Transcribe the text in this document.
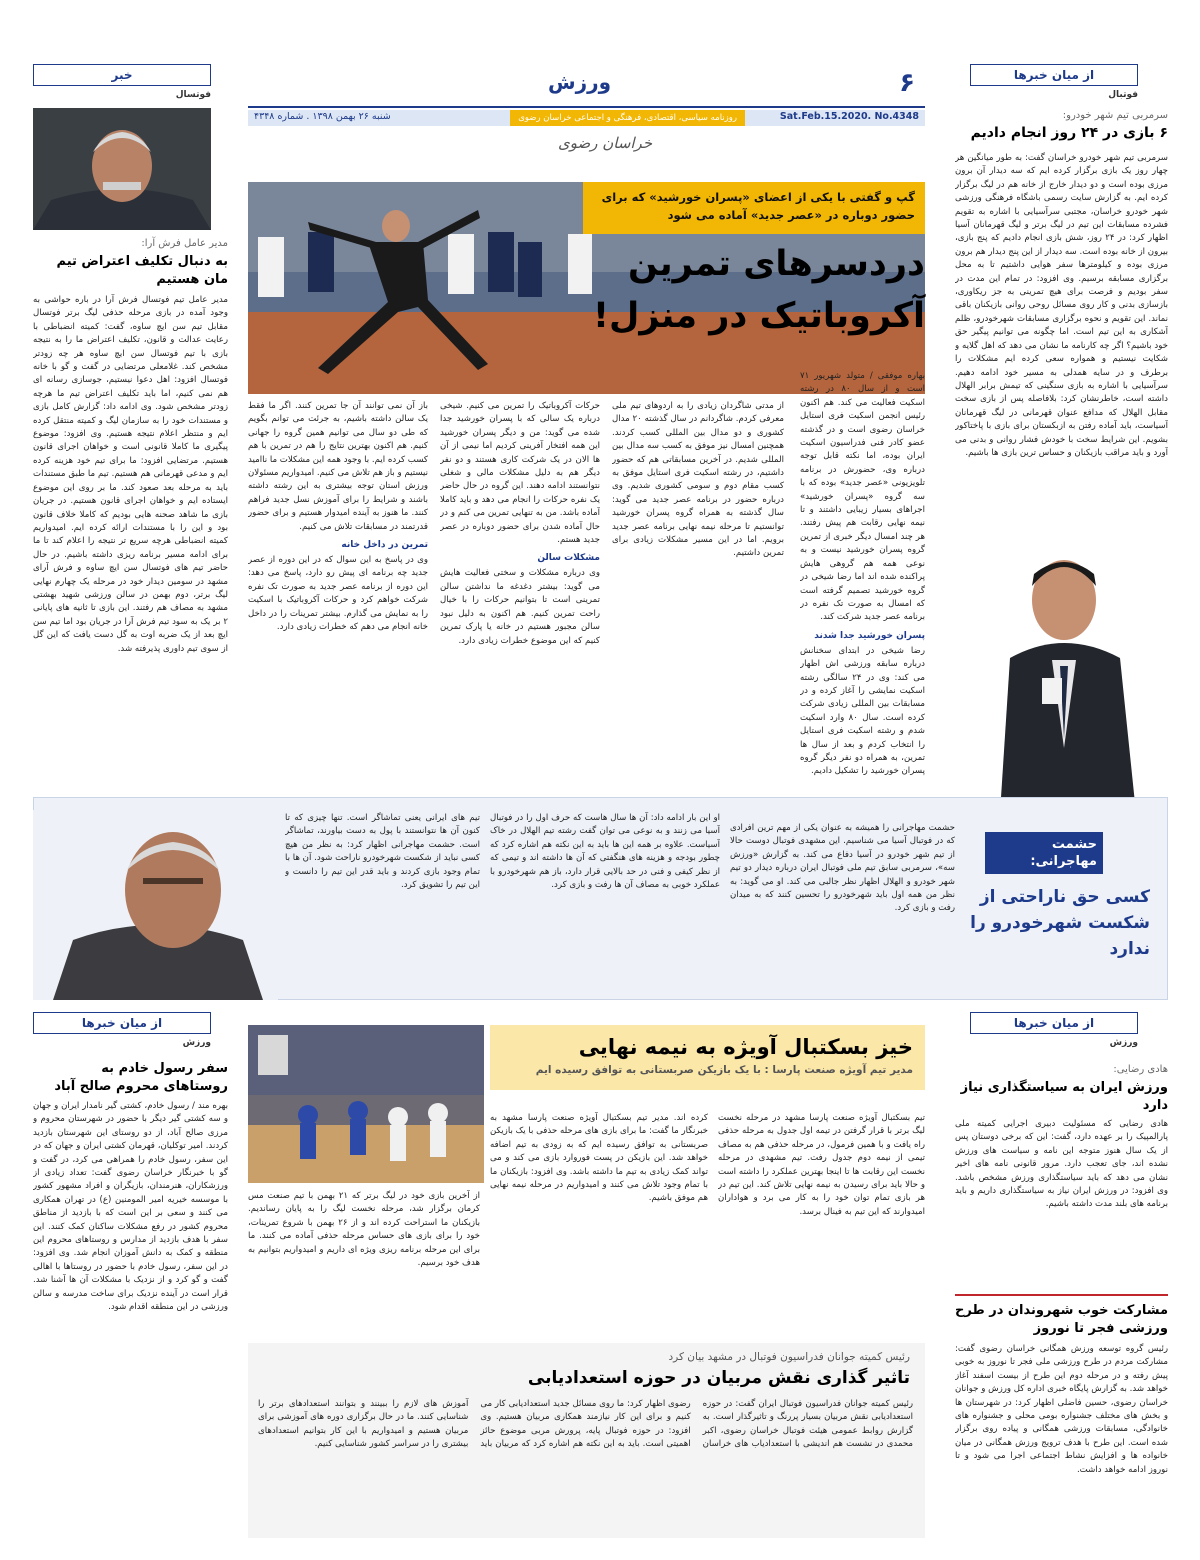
۶
ورزش
Sat.Feb.15.2020. No.4348
روزنامه سیاسی، اقتصادی، فرهنگی و اجتماعی خراسان رضوی
شنبه ۲۶ بهمن ۱۳۹۸ . شماره ۴۳۴۸
خراسان رضوی
از میان خبرها
فوتبال
سرمربی تیم شهر خودرو:
۶ بازی در ۲۴ روز انجام دادیم
سرمربی تیم شهر خودرو خراسان گفت: به طور میانگین هر چهار روز یک بازی برگزار کرده ایم که سه دیدار آن برون مرزی بوده است و دو دیدار خارج از خانه هم در لیگ برگزار کرده ایم. به گزارش سایت رسمی باشگاه فرهنگی ورزشی شهر خودرو خراسان، مجتبی سرآسیایی با اشاره به تقویم فشرده مسابقات این تیم در لیگ برتر و لیگ قهرمانان آسیا اظهار کرد: در ۲۴ روز، شش بازی انجام دادیم که پنج بازی، بیرون از خانه بوده است. سه دیدار از این پنج دیدار هم برون مرزی بوده و کیلومترها سفر هوایی داشتیم تا به محل برگزاری مسابقه برسیم. وی افزود: در تمام این مدت در سفر بودیم و فرصت برای هیچ تمرینی به جز ریکاوری، بازسازی بدنی و کار روی مسائل روحی روانی بازیکنان باقی نماند. این تقویم و نحوه برگزاری مسابقات شهرخودرو، ظلم آشکاری به این تیم است. اما چگونه می توانیم پیگیر حق خود باشیم؟ اگر چه کارنامه ما نشان می دهد که اهل گلایه و شکایت نیستیم و همواره سعی کرده ایم مشکلات را برطرف و در سایه همدلی به مسیر خود ادامه دهیم. سرآسیایی با اشاره به بازی سنگینی که تیمش برابر الهلال داشته است، خاطرنشان کرد: بلافاصله پس از بازی سخت مقابل الهلال که مدافع عنوان قهرمانی در لیگ قهرمانان آسیاست، باید آماده رفتن به ازبکستان برای بازی با پاختاکور بشویم. این شرایط سخت با خودش فشار روانی و بدنی می آورد و باید مراقب بازیکنان و حساس ترین بازی ها باشیم.
خبر
فوتسال
مدیر عامل فرش آرا:
به دنبال تکلیف اعتراض تیم مان هستیم
مدیر عامل تیم فوتسال فرش آرا در باره حواشی به وجود آمده در بازی مرحله حذفی لیگ برتر فوتسال مقابل تیم سن ایچ ساوه، گفت: کمیته انضباطی با رعایت عدالت و قانون، تکلیف اعتراض ما را به نتیجه بازی با تیم فوتسال سن ایچ ساوه هر چه زودتر مشخص کند. غلامعلی مرتضایی در گفت و گو با خانه فوتسال افزود: اهل دعوا نیستیم، جوسازی رسانه ای هم نمی کنیم، اما باید تکلیف اعتراض تیم ما هرچه زودتر مشخص شود. وی ادامه داد: گزارش کامل بازی و مستندات خود را به سازمان لیگ و کمیته منتقل کرده ایم و منتظر اعلام نتیجه هستیم. وی افزود: موضوع پیگیری ما کاملا قانونی است و خواهان اجرای قانون هستیم. مرتضایی افزود: ما برای تیم خود هزینه کرده ایم و مدعی قهرمانی هم هستیم. تیم ما طبق مستندات باید به مرحله بعد صعود کند. ما بر روی این موضوع ایستاده ایم و خواهان اجرای قانون هستیم. در جریان بازی ما شاهد صحنه هایی بودیم که کاملا خلاف قانون بود و این را با مستندات ارائه کرده ایم. امیدواریم کمیته انضباطی هرچه سریع تر نتیجه را اعلام کند تا ما برای ادامه مسیر برنامه ریزی داشته باشیم. در حال حاضر تیم های فوتسال سن ایچ ساوه و فرش آرای مشهد در سومین دیدار خود در مرحله یک چهارم نهایی لیگ برتر، دوم بهمن در سالن ورزشی شهید بهشتی مشهد به مصاف هم رفتند. این بازی تا ثانیه های پایانی ۲ بر یک به سود تیم فرش آرا در جریان بود اما تیم سن ایچ بعد از یک ضربه اوت به گل دست یافت که این گل از سوی تیم داوری پذیرفته شد.
گپ و گفتی با یکی از اعضای «پسران خورشید» که برای حضور دوباره در «عصر جدید» آماده می شود
دردسرهای تمرین آکروباتیک در منزل!
بهاره موفقی / متولد شهریور ۷۱ است و از سال ۸۰ در رشته اسکیت فعالیت می کند. هم اکنون رئیس انجمن اسکیت فری استایل خراسان رضوی است و در گذشته عضو کادر فنی فدراسیون اسکیت ایران بوده، اما نکته قابل توجه درباره وی، حضورش در برنامه تلویزیونی «عصر جدید» بوده که با سه گروه «پسران خورشید» اجراهای بسیار زیبایی داشتند و تا نیمه نهایی رقابت هم پیش رفتند. هر چند امسال دیگر خبری از تمرین گروه پسران خورشید نیست و به نوعی همه هم گروهی هایش پراکنده شده اند اما رضا شیخی در گروه خورشید تصمیم گرفته است که امسال به صورت تک نفره در برنامه عصر جدید شرکت کند.
پسران خورشید جدا شدند
رضا شیخی در ابتدای سخنانش درباره سابقه ورزشی اش اظهار می کند: وی در ۲۴ سالگی رشته اسکیت نمایشی را آغاز کرده و در مسابقات بین المللی زیادی شرکت کرده است. سال ۸۰ وارد اسکیت شدم و رشته اسکیت فری استایل را انتخاب کردم و بعد از سال ها تمرین، به همراه دو نفر دیگر گروه پسران خورشید را تشکیل دادیم.
از مدتی شاگردان زیادی را به اردوهای تیم ملی معرفی کردم. شاگردانم در سال گذشته ۲۰ مدال کشوری و دو مدال بین المللی کسب کردند. همچنین امسال نیز موفق به کسب سه مدال بین المللی شدیم. در آخرین مسابقاتی هم که حضور داشتیم، در رشته اسکیت فری استایل موفق به کسب مقام دوم و سومی کشوری شدیم. وی درباره حضور در برنامه عصر جدید می گوید: سال گذشته به همراه گروه پسران خورشید توانستیم تا مرحله نیمه نهایی برنامه عصر جدید برویم. اما در این مسیر مشکلات زیادی برای تمرین داشتیم.
حرکات آکروباتیک را تمرین می کنیم. شیخی درباره یک سالی که با پسران خورشید جدا شده می گوید: من و دیگر پسران خورشید این همه افتخار آفرینی کردیم اما نیمی از آن ها الان در یک شرکت کاری هستند و دو نفر دیگر هم به دلیل مشکلات مالی و شغلی نتوانستند ادامه دهند. این گروه در حال حاضر یک نفره حرکات را انجام می دهد و باید کاملا آماده باشد. من به تنهایی تمرین می کنم و در حال آماده شدن برای حضور دوباره در عصر جدید هستم.
مشکلات سالن
وی درباره مشکلات و سختی فعالیت هایش می گوید: بیشتر دغدغه ما نداشتن سالن تمرینی است تا بتوانیم حرکات را با خیال راحت تمرین کنیم. هم اکنون به دلیل نبود سالن مجبور هستیم در خانه یا پارک تمرین کنیم که این موضوع خطرات زیادی دارد.
باز آن نمی توانند آن جا تمرین کنند. اگر ما فقط یک سالن داشته باشیم، به جرئت می توانم بگویم که طی دو سال می توانیم همین گروه را جهانی کنیم. هم اکنون بهترین نتایج را هم در تمرین با هم کسب کرده ایم. با وجود همه این مشکلات ما ناامید نیستیم و باز هم تلاش می کنیم. امیدواریم مسئولان ورزش استان توجه بیشتری به این رشته داشته باشند و شرایط را برای آموزش نسل جدید فراهم کنند. ما هنوز به آینده امیدوار هستیم و برای حضور قدرتمند در مسابقات تلاش می کنیم.
تمرین در داخل خانه
وی در پاسخ به این سوال که در این دوره از عصر جدید چه برنامه ای پیش رو دارد، پاسخ می دهد: این دوره از برنامه عصر جدید به صورت تک نفره شرکت خواهم کرد و حرکات آکروباتیک با اسکیت را به نمایش می گذارم. بیشتر تمرینات را در داخل خانه انجام می دهم که خطرات زیادی دارد.
حشمت مهاجرانی:
کسی حق ناراحتی از شکست شهرخودرو را ندارد
حشمت مهاجرانی را همیشه به عنوان یکی از مهم ترین افرادی که در فوتبال آسیا می شناسیم. این مشهدی فوتبال دوست حالا از تیم شهر خودرو در آسیا دفاع می کند. به گزارش «ورزش سه»، سرمربی سابق تیم ملی فوتبال ایران درباره دیدار دو تیم شهر خودرو و الهلال اظهار نظر جالبی می کند. او می گوید: به نظر من همه اول باید شهرخودرو را تحسین کنند که به میدان رفت و بازی کرد.
او این بار ادامه داد: آن ها سال هاست که حرف اول را در فوتبال آسیا می زنند و به نوعی می توان گفت رشته تیم الهلال در خاک آسیاست. علاوه بر همه این ها باید به این نکته هم اشاره کرد که چطور بودجه و هزینه های هنگفتی که آن ها داشته اند و تیمی که از نظر کیفی و فنی در حد بالایی قرار دارد، باز هم شهرخودرو با عملکرد خوبی به مصاف آن ها رفت و بازی کرد.
تیم های ایرانی یعنی تماشاگر است. تنها چیزی که تا کنون آن ها نتوانستند با پول به دست بیاورند، تماشاگر است. حشمت مهاجرانی اظهار کرد: به نظر من هیچ کسی نباید از شکست شهرخودرو ناراحت شود. آن ها با تمام وجود بازی کردند و باید قدر این تیم را دانست و این تیم را تشویق کرد.
از میان خبرها
ورزش
سفر رسول خادم به روستاهای محروم صالح آباد
بهره مند / رسول خادم، کشتی گیر نامدار ایران و جهان و سه کشتی گیر دیگر با حضور در شهرستان محروم و مرزی صالح آباد، از دو روستای این شهرستان بازدید کردند. امیر توکلیان، قهرمان کشتی ایران و جهان که در این سفر، رسول خادم را همراهی می کرد، در گفت و گو با خبرنگار خراسان رضوی گفت: تعداد زیادی از ورزشکاران، هنرمندان، بازیگران و افراد مشهور کشور با موسسه خیریه امیر المومنین (ع) در تهران همکاری می کنند و سعی بر این است که با بازدید از مناطق محروم کشور در رفع مشکلات ساکنان کمک کنند. این سفر با هدف بازدید از مدارس و روستاهای محروم این منطقه و کمک به دانش آموزان انجام شد. وی افزود: در این سفر، رسول خادم با حضور در روستاها با اهالی گفت و گو کرد و از نزدیک با مشکلات آن ها آشنا شد. قرار است در آینده نزدیک برای ساخت مدرسه و سالن ورزشی در این منطقه اقدام شود.
خیز بسکتبال آویژه به نیمه نهایی
مدیر تیم آویژه صنعت پارسا : با یک بازیکن صربستانی به توافق رسیده ایم
تیم بسکتبال آویژه صنعت پارسا مشهد در مرحله نخست لیگ برتر با قرار گرفتن در تیمه اول جدول به مرحله حذفی راه یافت و با همین فرمول، در مرحله حذفی هم به مصاف تیمی از نیمه دوم جدول رفت. تیم مشهدی در مرحله نخست این رقابت ها تا اینجا بهترین عملکرد را داشته است و حالا باید برای رسیدن به نیمه نهایی تلاش کند. این تیم در هر بازی تمام توان خود را به کار می برد و هواداران امیدوارند که این تیم به فینال برسد.
کرده اند. مدیر تیم بسکتبال آویژه صنعت پارسا مشهد به خبرنگار ما گفت: ما برای بازی های مرحله حذفی با یک بازیکن صربستانی به توافق رسیده ایم که به زودی به تیم اضافه خواهد شد. این بازیکن در پست فوروارد بازی می کند و می تواند کمک زیادی به تیم ما داشته باشد. وی افزود: بازیکنان ما با تمام وجود تلاش می کنند و امیدواریم در مرحله نیمه نهایی هم موفق باشیم.
از آخرین بازی خود در لیگ برتر که ۲۱ بهمن با تیم صنعت مس کرمان برگزار شد، مرحله نخست لیگ را به پایان رساندیم. بازیکنان ما استراحت کرده اند و از ۲۶ بهمن با شروع تمرینات، خود را برای بازی های حساس مرحله حذفی آماده می کنند. ما برای این مرحله برنامه ریزی ویژه ای داریم و امیدواریم بتوانیم به هدف خود برسیم.
رئیس کمیته جوانان فدراسیون فوتبال در مشهد بیان کرد
تاثیر گذاری نقش مربیان در حوزه استعدادیابی
رئیس کمیته جوانان فدراسیون فوتبال ایران گفت: در حوزه استعدادیابی نقش مربیان بسیار پررنگ و تاثیرگذار است. به گزارش روابط عمومی هیئت فوتبال خراسان رضوی، اکبر محمدی در نشست هم اندیشی با استعدادیاب های خراسان رضوی اظهار کرد: ما روی مسائل جدید استعدادیابی کار می کنیم و برای این کار نیازمند همکاری مربیان هستیم. وی افزود: در حوزه فوتبال پایه، پرورش مربی موضوع حائز اهمیتی است. باید به این نکته هم اشاره کرد که مربیان باید آموزش های لازم را ببینند و بتوانند استعدادهای برتر را شناسایی کنند. ما در حال برگزاری دوره های آموزشی برای مربیان هستیم و امیدواریم با این کار بتوانیم استعدادهای بیشتری را در سراسر کشور شناسایی کنیم.
از میان خبرها
ورزش
هادی رضایی:
ورزش ایران به سیاستگذاری نیاز دارد
هادی رضایی که مسئولیت دبیری اجرایی کمیته ملی پارالمپیک را بر عهده دارد، گفت: این که برخی دوستان پس از یک سال هنوز متوجه این نامه و سیاست های ورزش نشده اند، جای تعجب دارد. مرور قانونی نامه های اخیر نشان می دهد که باید سیاستگذاری ورزش مشخص باشد. وی افزود: در ورزش ایران نیاز به سیاستگذاری داریم و باید برنامه های بلند مدت داشته باشیم.
مشارکت خوب شهروندان در طرح ورزشی فجر تا نوروز
رئیس گروه توسعه ورزش همگانی خراسان رضوی گفت: مشارکت مردم در طرح ورزشی ملی فجر تا نوروز به خوبی پیش رفته و در مرحله دوم این طرح از بیست اسفند آغاز خواهد شد. به گزارش پایگاه خبری اداره کل ورزش و جوانان خراسان رضوی، حسین فاضلی اظهار کرد: در شهرستان ها و بخش های مختلف جشنواره بومی محلی و جشنواره های خانوادگی، مسابقات ورزشی همگانی و پیاده روی برگزار شده است. این طرح با هدف ترویج ورزش همگانی در میان خانواده ها و افزایش نشاط اجتماعی اجرا می شود و تا نوروز ادامه خواهد داشت.
